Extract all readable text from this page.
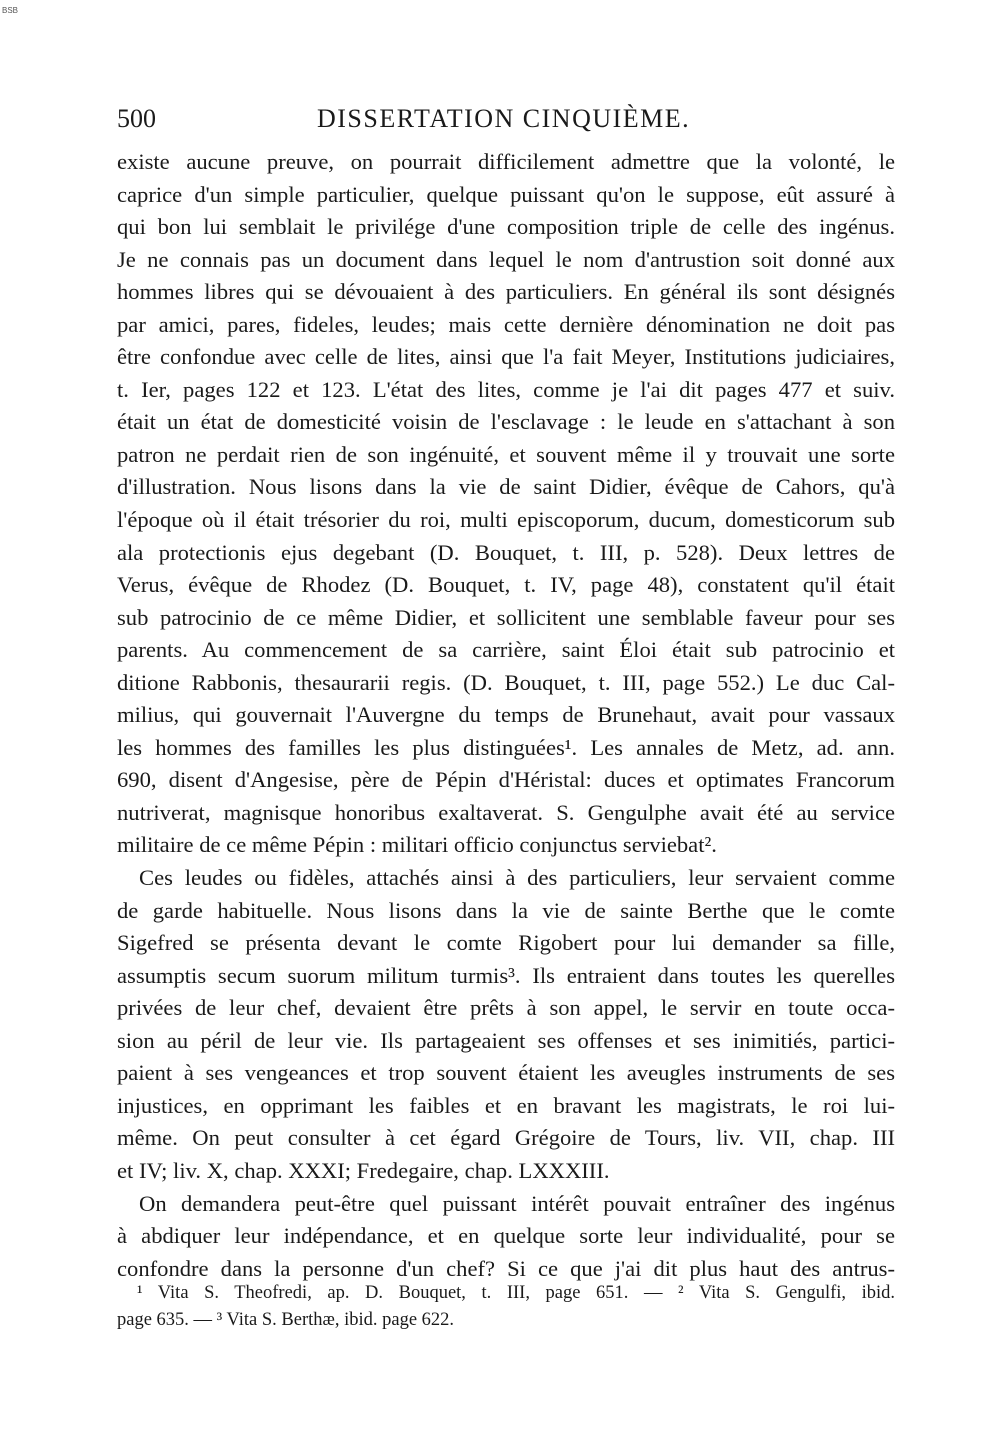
BSB
500	DISSERTATION CINQUIÈME.
existe aucune preuve, on pourrait difficilement admettre que la volonté, le
caprice d'un simple particulier, quelque puissant qu'on le suppose, eût assuré à
qui bon lui semblait le privilége d'une composition triple de celle des ingénus.
Je ne connais pas un document dans lequel le nom d'antrustion soit donné aux
hommes libres qui se dévouaient à des particuliers. En général ils sont désignés
par amici, pares, fideles, leudes; mais cette dernière dénomination ne doit pas
être confondue avec celle de lites, ainsi que l'a fait Meyer, Institutions judiciaires,
t. Ier, pages 122 et 123. L'état des lites, comme je l'ai dit pages 477 et suiv.
était un état de domesticité voisin de l'esclavage : le leude en s'attachant à son
patron ne perdait rien de son ingénuité, et souvent même il y trouvait une sorte
d'illustration. Nous lisons dans la vie de saint Didier, évêque de Cahors, qu'à
l'époque où il était trésorier du roi, multi episcoporum, ducum, domesticorum sub
ala protectionis ejus degebant (D. Bouquet, t. III, p. 528). Deux lettres de
Verus, évêque de Rhodez (D. Bouquet, t. IV, page 48), constatent qu'il était
sub patrocinio de ce même Didier, et sollicitent une semblable faveur pour ses
parents. Au commencement de sa carrière, saint Éloi était sub patrocinio et
ditione Rabbonis, thesaurarii regis. (D. Bouquet, t. III, page 552.) Le duc Cal-
milius, qui gouvernait l'Auvergne du temps de Brunehaut, avait pour vassaux
les hommes des familles les plus distinguées¹. Les annales de Metz, ad. ann.
690, disent d'Angesise, père de Pépin d'Héristal: duces et optimates Francorum
nutriverat, magnisque honoribus exaltaverat. S. Gengulphe avait été au service
militaire de ce même Pépin : militari officio conjunctus serviebat².
Ces leudes ou fidèles, attachés ainsi à des particuliers, leur servaient comme
de garde habituelle. Nous lisons dans la vie de sainte Berthe que le comte
Sigefred se présenta devant le comte Rigobert pour lui demander sa fille,
assumptis secum suorum militum turmis³. Ils entraient dans toutes les querelles
privées de leur chef, devaient être prêts à son appel, le servir en toute occa-
sion au péril de leur vie. Ils partageaient ses offenses et ses inimitiés, partici-
paient à ses vengeances et trop souvent étaient les aveugles instruments de ses
injustices, en opprimant les faibles et en bravant les magistrats, le roi lui-
même. On peut consulter à cet égard Grégoire de Tours, liv. VII, chap. III
et IV; liv. X, chap. XXXI; Fredegaire, chap. LXXXIII.
On demandera peut-être quel puissant intérêt pouvait entraîner des ingénus
à abdiquer leur indépendance, et en quelque sorte leur individualité, pour se
confondre dans la personne d'un chef? Si ce que j'ai dit plus haut des antrus-
¹ Vita S. Theofredi, ap. D. Bouquet, t. III, page 651. — ² Vita S. Gengulfi, ibid.
page 635. — ³ Vita S. Berthæ, ibid. page 622.
